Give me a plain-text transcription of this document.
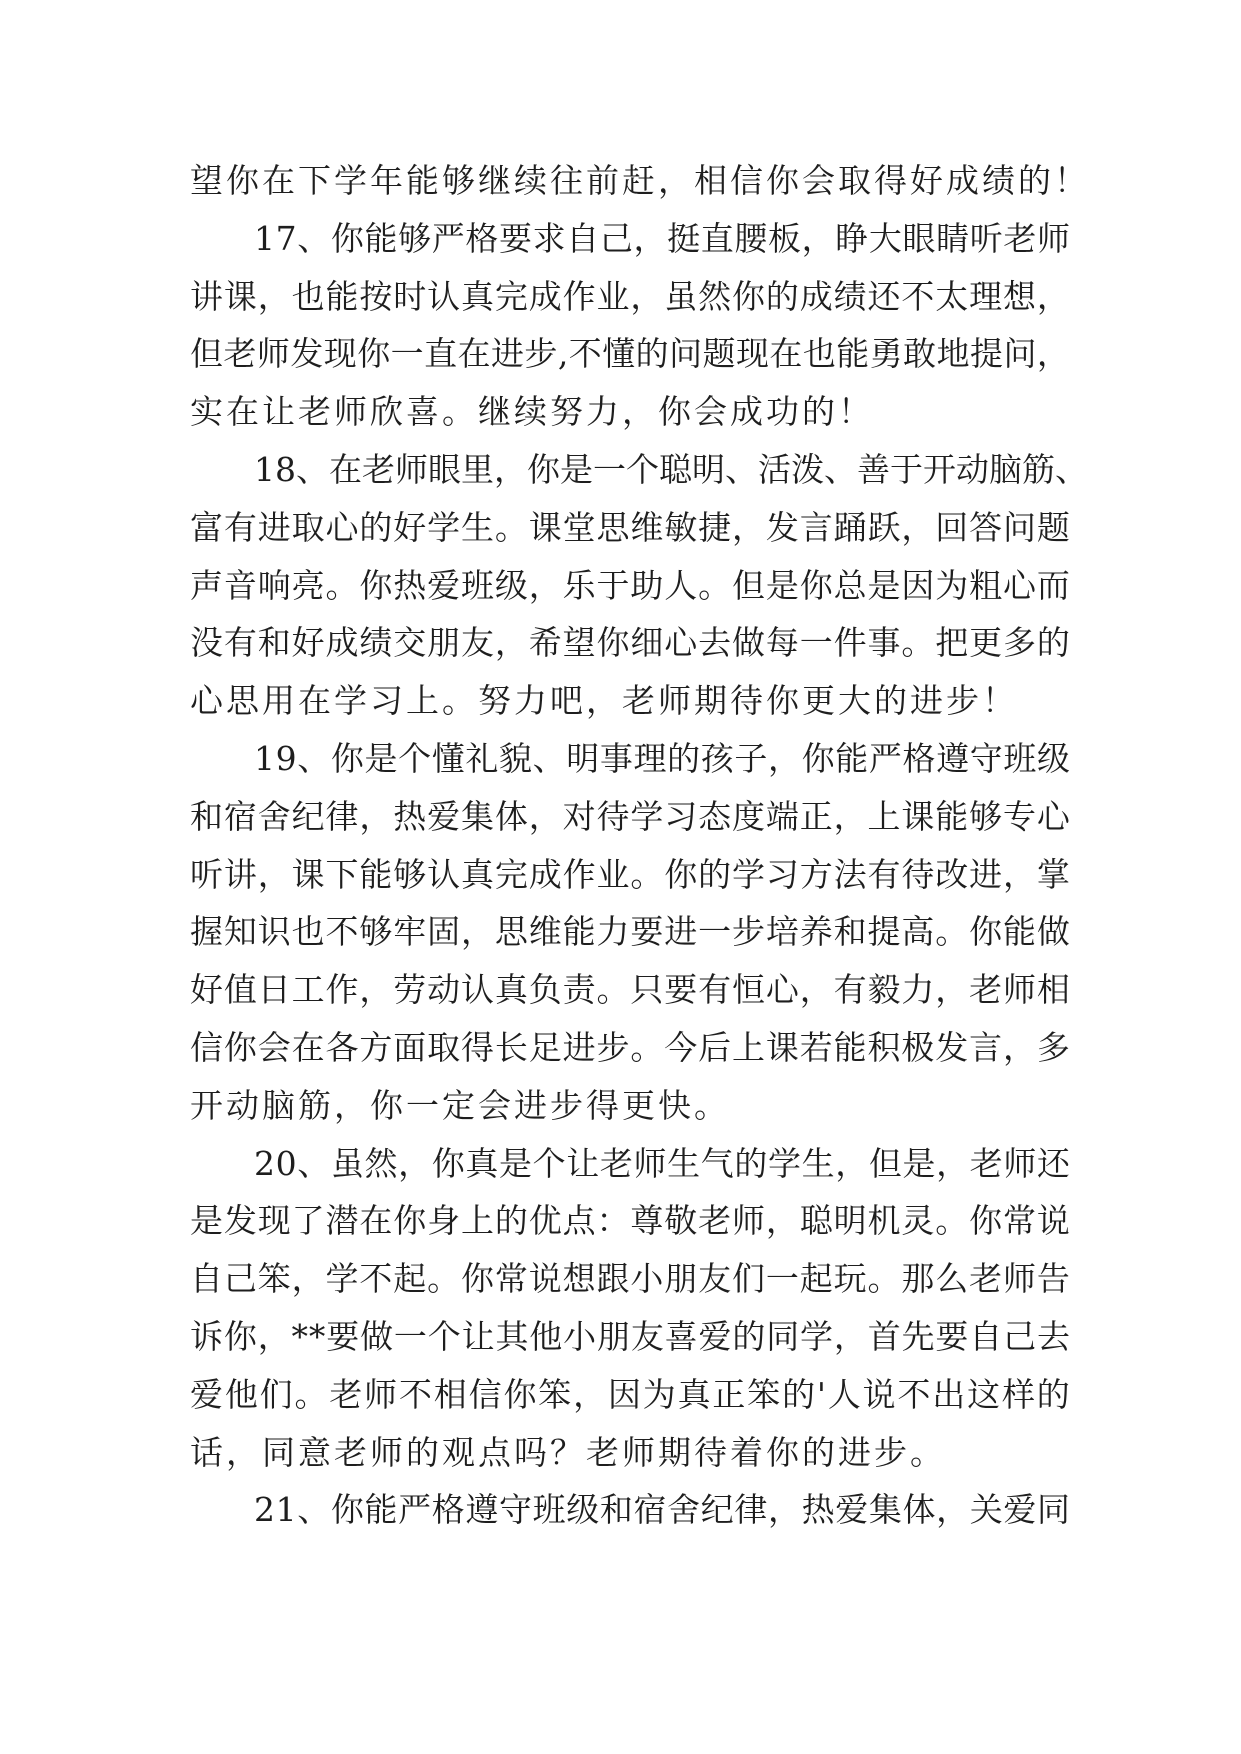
望你在下学年能够继续往前赶，相信你会取得好成绩的！
1 7 、 你 能 够 严 格 要 求 自 己 ， 挺 直 腰 板 ， 睁 大 眼 睛 听 老 师
讲 课 ， 也 能 按 时 认 真 完 成 作 业 ， 虽 然 你 的 成 绩 还 不 太 理 想 ，
但 老 师 发 现 你 一 直 在 进 步 , 不 懂 的 问 题 现 在 也 能 勇 敢 地 提 问 ，
实在让老师欣喜。继续努力，你会成功的！
1 8 、 在 老 师 眼 里 ， 你 是 一 个 聪 明 、 活 泼 、 善 于 开 动 脑 筋 、
富 有 进 取 心 的 好 学 生 。 课 堂 思 维 敏 捷 ， 发 言 踊 跃 ， 回 答 问 题
声 音 响 亮 。 你 热 爱 班 级 ， 乐 于 助 人 。 但 是 你 总 是 因 为 粗 心 而
没 有 和 好 成 绩 交 朋 友 ， 希 望 你 细 心 去 做 每 一 件 事 。 把 更 多 的
心思用在学习上。努力吧，老师期待你更大的进步！
1 9 、 你 是 个 懂 礼 貌 、 明 事 理 的 孩 子 ， 你 能 严 格 遵 守 班 级
和 宿 舍 纪 律 ， 热 爱 集 体 ， 对 待 学 习 态 度 端 正 ， 上 课 能 够 专 心
听 讲 ， 课 下 能 够 认 真 完 成 作 业 。 你 的 学 习 方 法 有 待 改 进 ， 掌
握 知 识 也 不 够 牢 固 ， 思 维 能 力 要 进 一 步 培 养 和 提 高 。 你 能 做
好 值 日 工 作 ， 劳 动 认 真 负 责 。 只 要 有 恒 心 ， 有 毅 力 ， 老 师 相
信 你 会 在 各 方 面 取 得 长 足 进 步 。 今 后 上 课 若 能 积 极 发 言 ， 多
开动脑筋，你一定会进步得更快。
2 0 、 虽 然 ， 你 真 是 个 让 老 师 生 气 的 学 生 ， 但 是 ， 老 师 还
是 发 现 了 潜 在 你 身 上 的 优 点 ： 尊 敬 老 师 ， 聪 明 机 灵 。 你 常 说
自 己 笨 ， 学 不 起 。 你 常 说 想 跟 小 朋 友 们 一 起 玩 。 那 么 老 师 告
诉 你 ， * * 要 做 一 个 让 其 他 小 朋 友 喜 爱 的 同 学 ， 首 先 要 自 己 去
爱 他 们 。 老 师 不 相 信 你 笨 ， 因 为 真 正 笨 的 ' 人 说 不 出 这 样 的
话，同意老师的观点吗？老师期待着你的进步。
2 1 、 你 能 严 格 遵 守 班 级 和 宿 舍 纪 律 ， 热 爱 集 体 ， 关 爱 同
